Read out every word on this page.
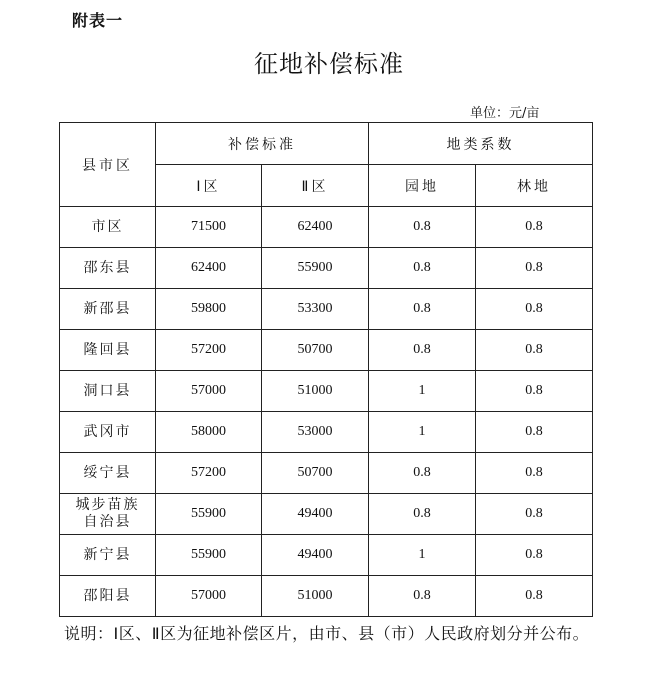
附表一
征地补偿标准
单位：元/亩
县市区	补偿标准		地类系数	
	Ⅰ区	Ⅱ区	园地	林地
市区	71500	62400	0.8	0.8
邵东县	62400	55900	0.8	0.8
新邵县	59800	53300	0.8	0.8
隆回县	57200	50700	0.8	0.8
洞口县	57000	51000	1	0.8
武冈市	58000	53000	1	0.8
绥宁县	57200	50700	0.8	0.8
城步苗族自治县	55900	49400	0.8	0.8
新宁县	55900	49400	1	0.8
邵阳县	57000	51000	0.8	0.8
说明：Ⅰ区、Ⅱ区为征地补偿区片，由市、县（市）人民政府划分并公布。
